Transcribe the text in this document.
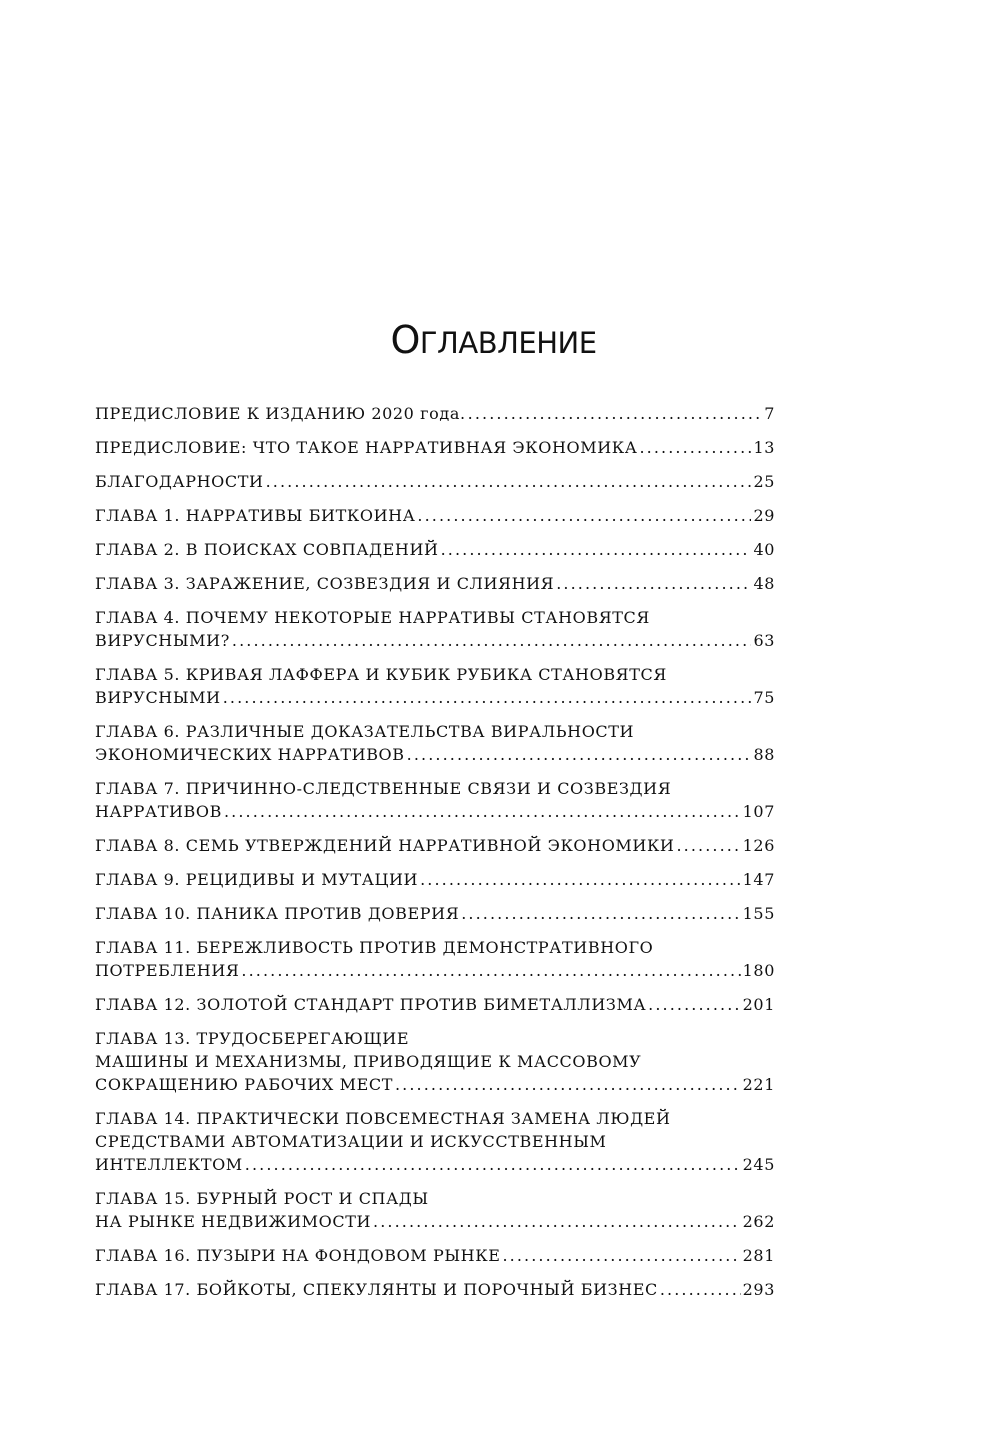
ОГЛАВЛЕНИЕ
ПРЕДИСЛОВИЕ К ИЗДАНИЮ 2020 года. .....	7
ПРЕДИСЛОВИЕ: ЧТО ТАКОЕ НАРРАТИВНАЯ ЭКОНОМИКА .....	13
БЛАГОДАРНОСТИ .....	25
ГЛАВА 1. НАРРАТИВЫ БИТКОИНА .....	29
ГЛАВА 2. В ПОИСКАХ СОВПАДЕНИЙ .....	40
ГЛАВА 3. ЗАРАЖЕНИЕ, СОЗВЕЗДИЯ И СЛИЯНИЯ .....	48
ГЛАВА 4. ПОЧЕМУ НЕКОТОРЫЕ НАРРАТИВЫ СТАНОВЯТСЯ
ВИРУСНЫМИ? .....	63
ГЛАВА 5. КРИВАЯ ЛАФФЕРА И КУБИК РУБИКА СТАНОВЯТСЯ
ВИРУСНЫМИ .....	75
ГЛАВА 6. РАЗЛИЧНЫЕ ДОКАЗАТЕЛЬСТВА ВИРАЛЬНОСТИ
ЭКОНОМИЧЕСКИХ НАРРАТИВОВ .....	88
ГЛАВА 7. ПРИЧИННО-СЛЕДСТВЕННЫЕ СВЯЗИ И СОЗВЕЗДИЯ
НАРРАТИВОВ .....	107
ГЛАВА 8. СЕМЬ УТВЕРЖДЕНИЙ НАРРАТИВНОЙ ЭКОНОМИКИ .....	126
ГЛАВА 9. РЕЦИДИВЫ И МУТАЦИИ .....	147
ГЛАВА 10. ПАНИКА ПРОТИВ ДОВЕРИЯ .....	155
ГЛАВА 11. БЕРЕЖЛИВОСТЬ ПРОТИВ ДЕМОНСТРАТИВНОГО
ПОТРЕБЛЕНИЯ .....	180
ГЛАВА 12. ЗОЛОТОЙ СТАНДАРТ ПРОТИВ БИМЕТАЛЛИЗМА .....	201
ГЛАВА 13. ТРУДОСБЕРЕГАЮЩИЕ
МАШИНЫ И МЕХАНИЗМЫ, ПРИВОДЯЩИЕ К МАССОВОМУ
СОКРАЩЕНИЮ РАБОЧИХ МЕСТ .....	221
ГЛАВА 14. ПРАКТИЧЕСКИ ПОВСЕМЕСТНАЯ ЗАМЕНА ЛЮДЕЙ
СРЕДСТВАМИ АВТОМАТИЗАЦИИ И ИСКУССТВЕННЫМ
ИНТЕЛЛЕКТОМ .....	245
ГЛАВА 15. БУРНЫЙ РОСТ И СПАДЫ
НА РЫНКЕ НЕДВИЖИМОСТИ .....	262
ГЛАВА 16. ПУЗЫРИ НА ФОНДОВОМ РЫНКЕ .....	281
ГЛАВА 17. БОЙКОТЫ, СПЕКУЛЯНТЫ И ПОРОЧНЫЙ БИЗНЕС .....	293
